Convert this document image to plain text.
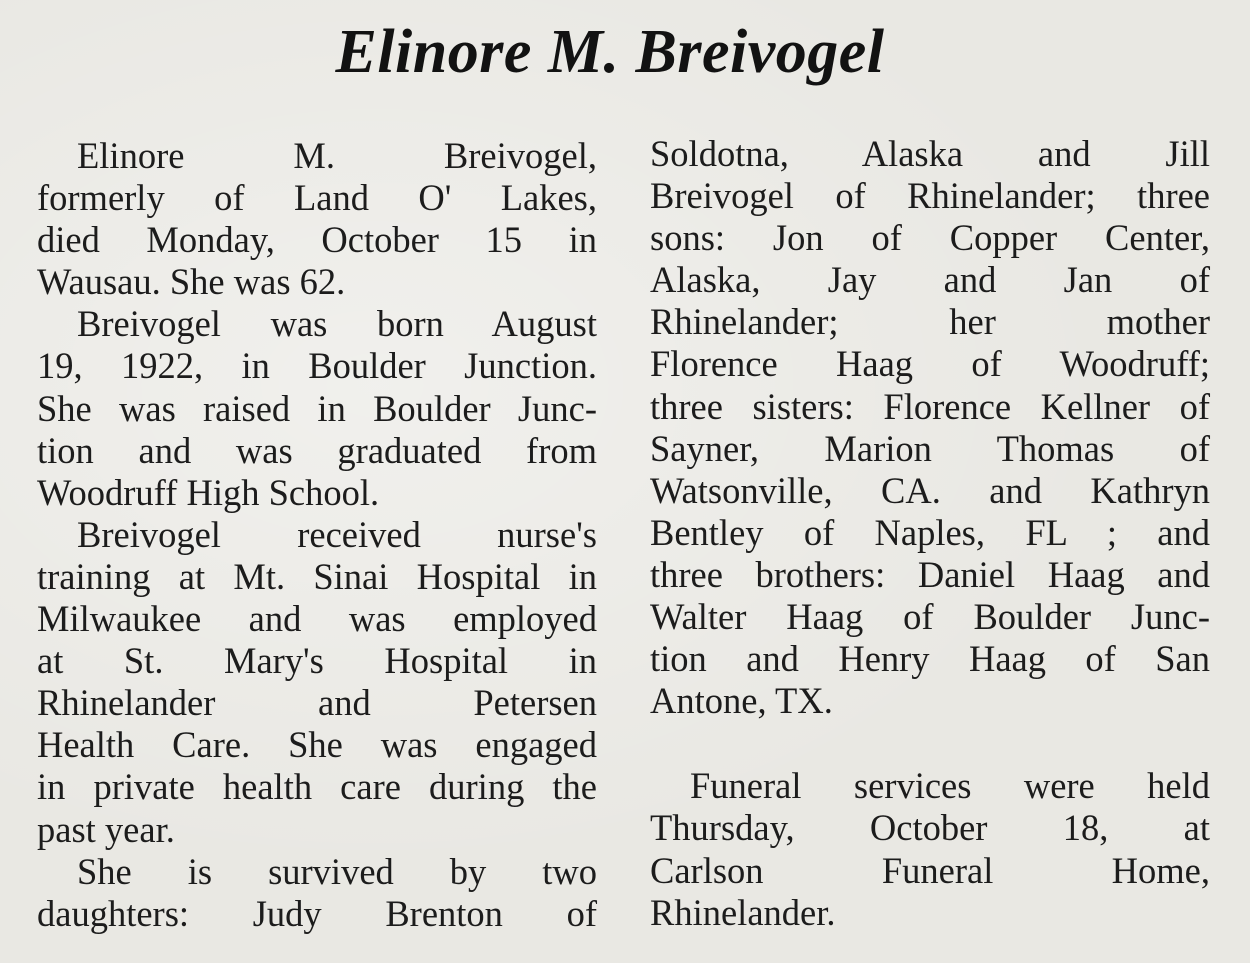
Elinore M. Breivogel
Elinore M. Breivogel,
formerly of Land O' Lakes,
died Monday, October 15 in
Wausau. She was 62.
Breivogel was born August
19, 1922, in Boulder Junction.
She was raised in Boulder Junc-
tion and was graduated from
Woodruff High School.
Breivogel received nurse's
training at Mt. Sinai Hospital in
Milwaukee and was employed
at St. Mary's Hospital in
Rhinelander and Petersen
Health Care. She was engaged
in private health care during the
past year.
She is survived by two
daughters: Judy Brenton of
Soldotna, Alaska and Jill
Breivogel of Rhinelander; three
sons: Jon of Copper Center,
Alaska, Jay and Jan of
Rhinelander; her mother
Florence Haag of Woodruff;
three sisters: Florence Kellner of
Sayner, Marion Thomas of
Watsonville, CA. and Kathryn
Bentley of Naples, FL ; and
three brothers: Daniel Haag and
Walter Haag of Boulder Junc-
tion and Henry Haag of San
Antone, TX.
Funeral services were held
Thursday, October 18, at
Carlson Funeral Home,
Rhinelander.
